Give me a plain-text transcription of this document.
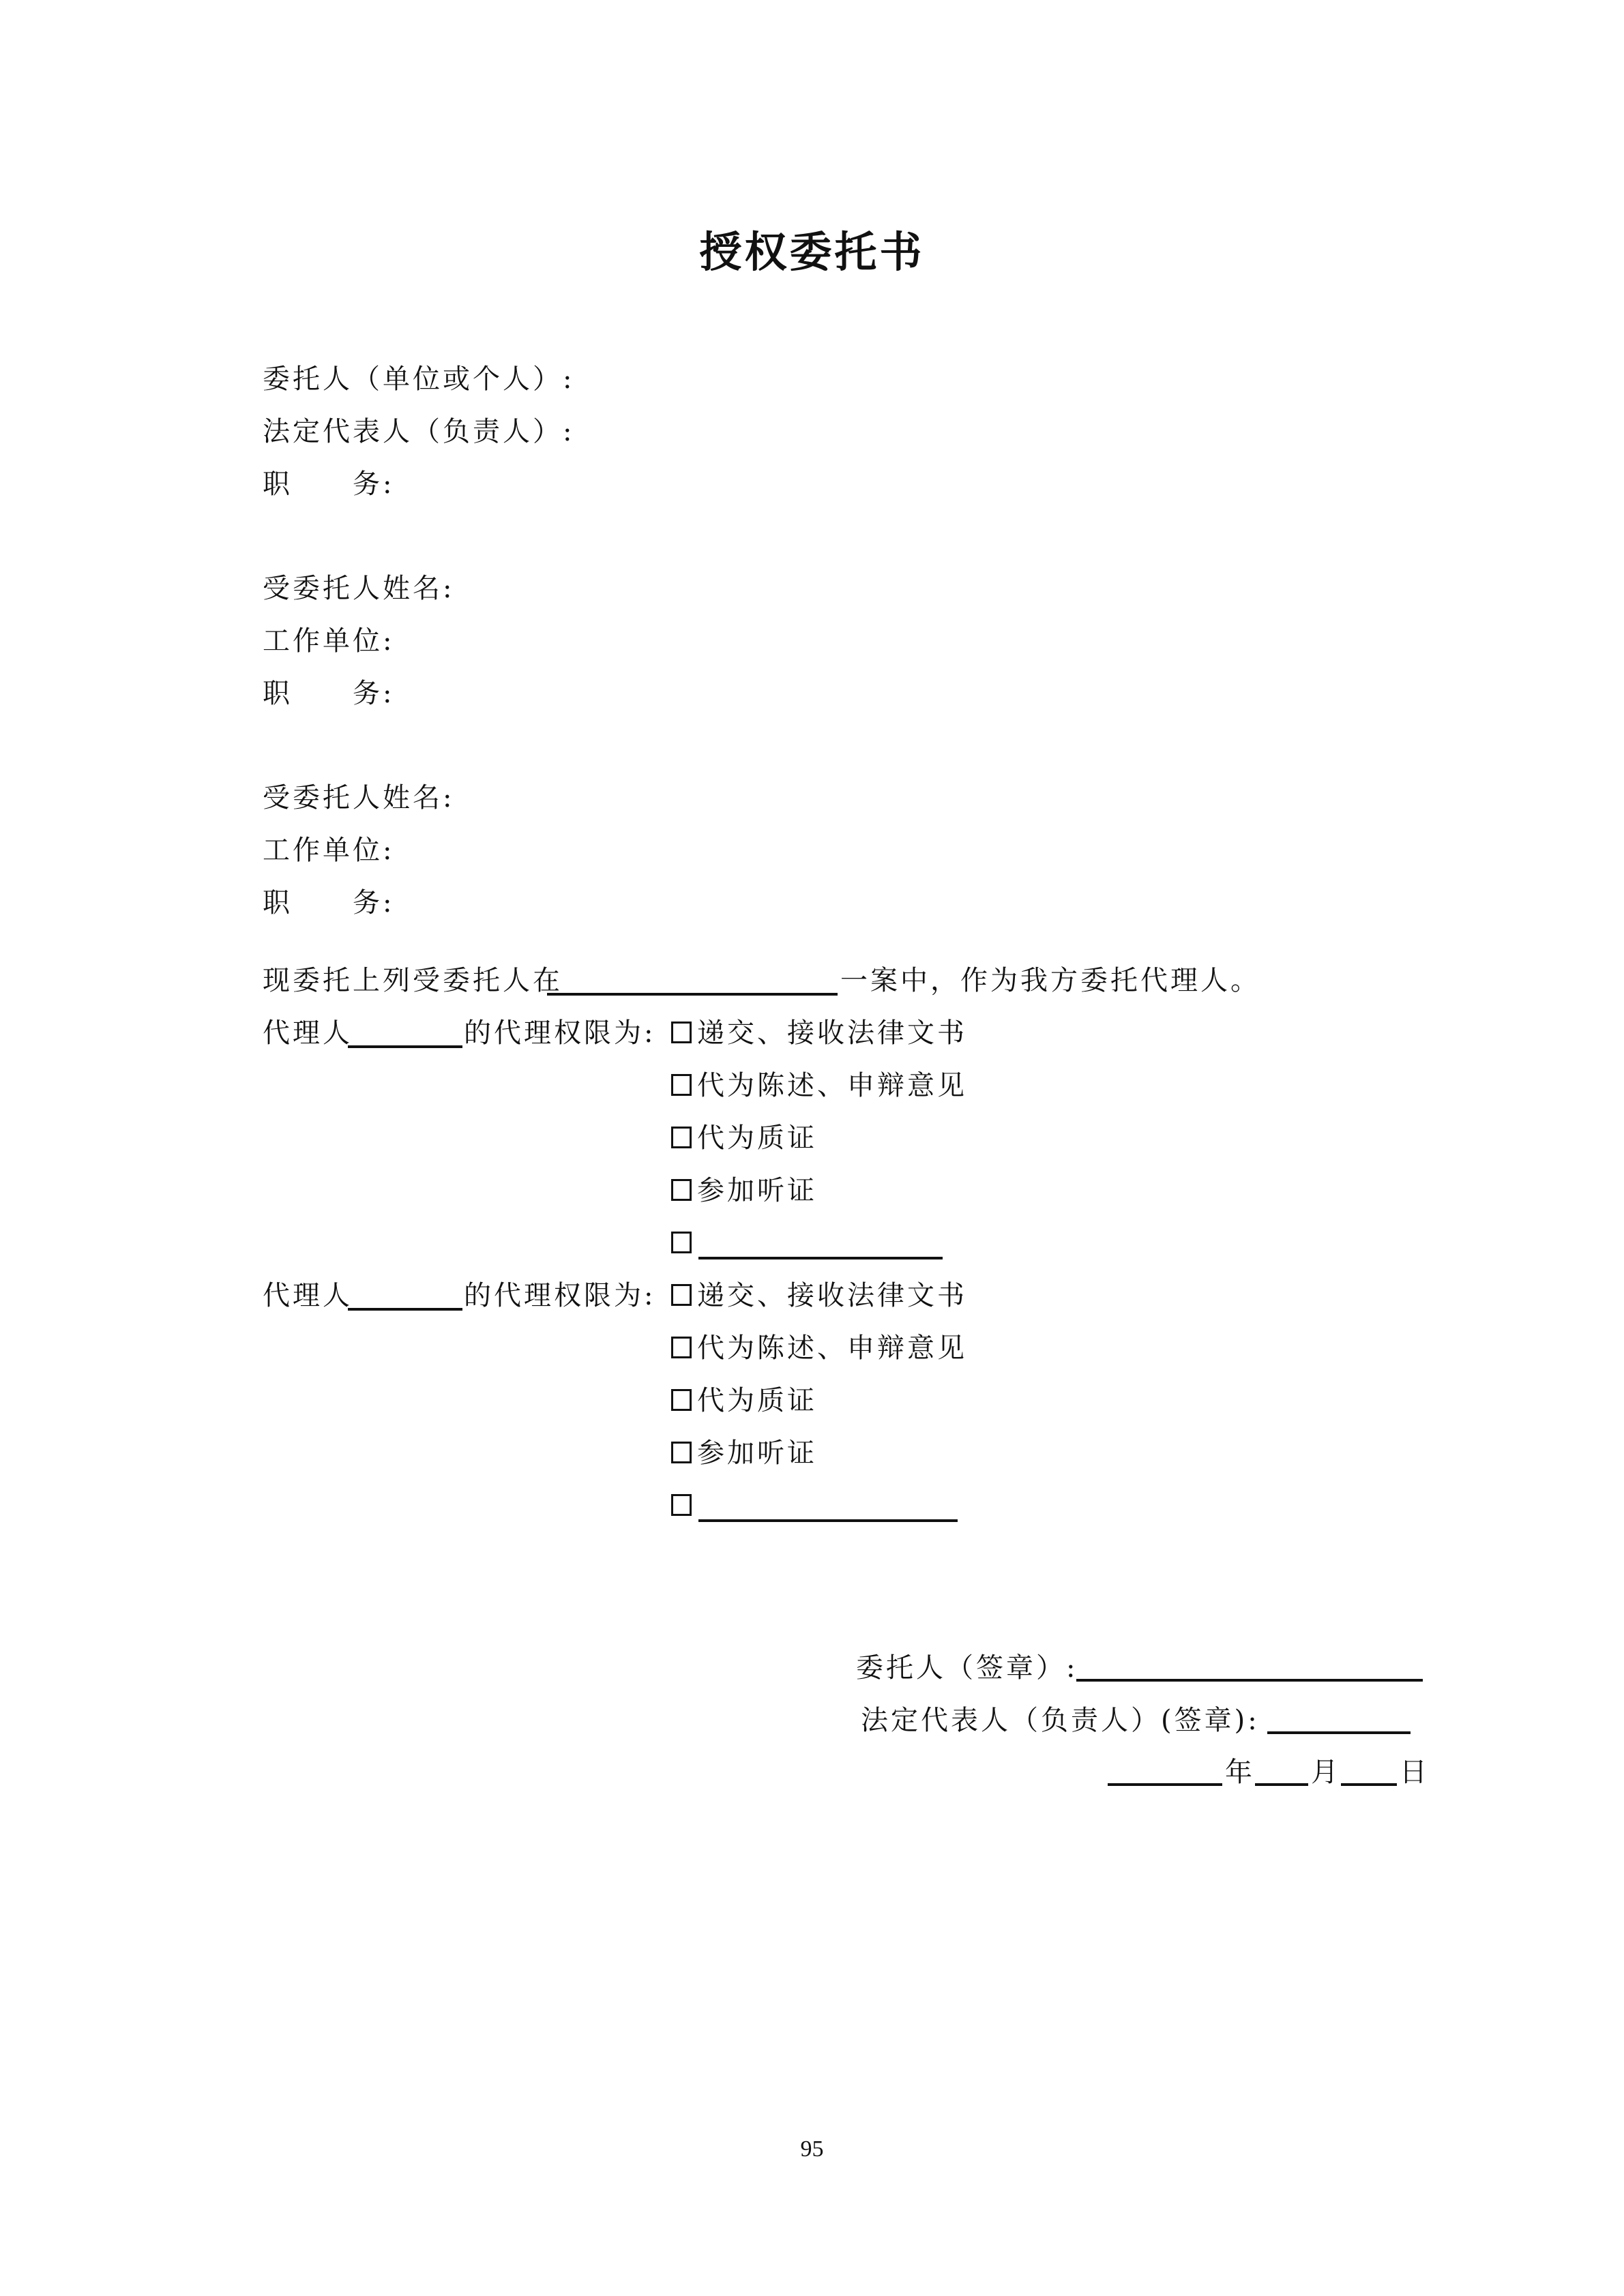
授权委托书
委托人（单位或个人）:
法定代表人（负责人）:
职　　务:
受委托人姓名:
工作单位:
职　　务:
受委托人姓名:
工作单位:
职　　务:
现委托上列受委托人在	一案中，作为我方委托代理人。
代理人	的代理权限为: 递交、接收法律文书
代为陈述、申辩意见
代为质证
参加听证
代理人	的代理权限为: 递交、接收法律文书
代为陈述、申辩意见
代为质证
参加听证
委托人（签章）:
法定代表人（负责人）(签章):
年 月 日
95
